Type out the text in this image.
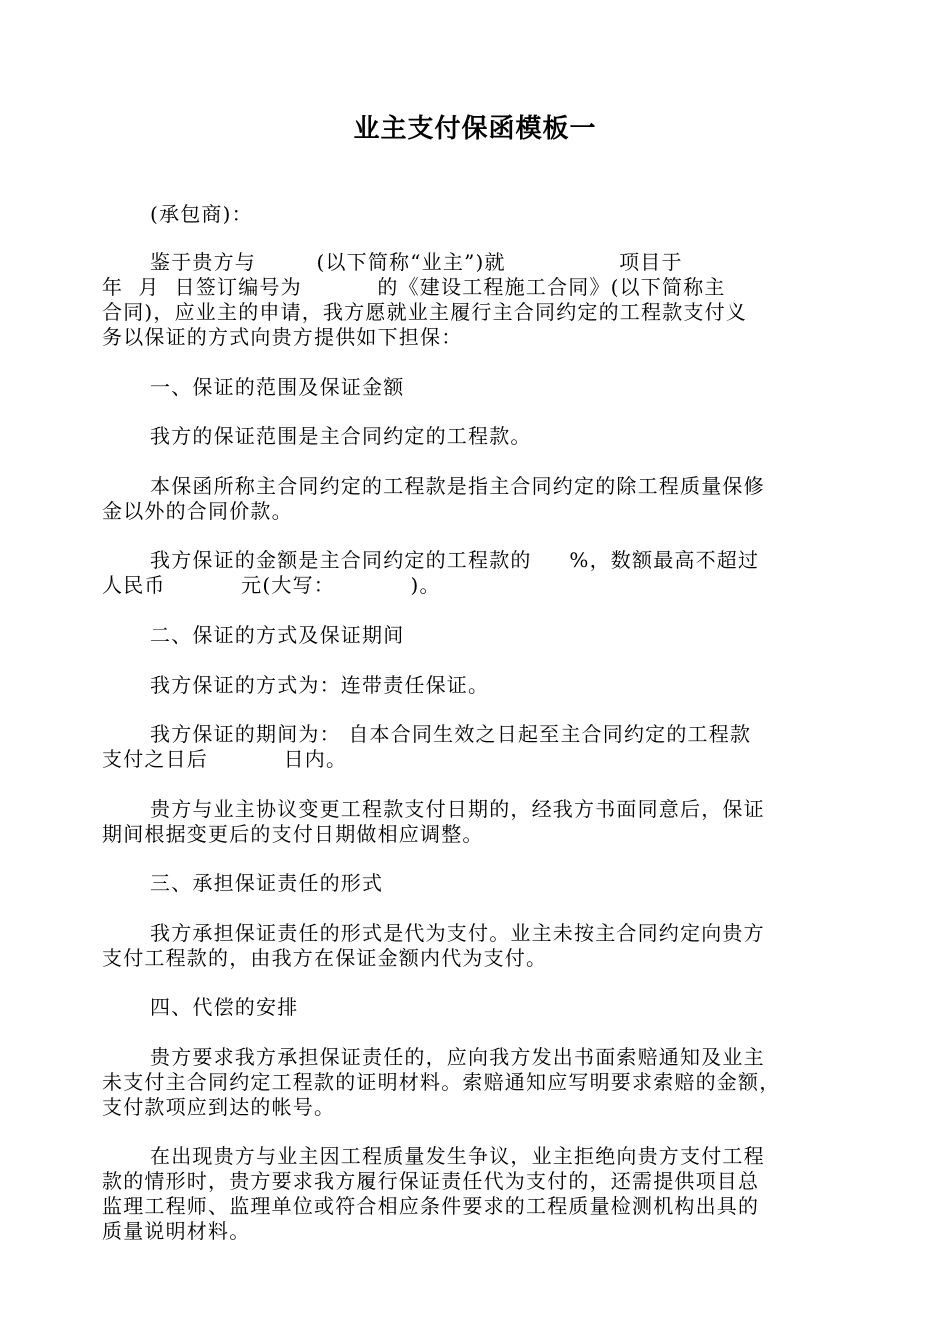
业主支付保函模板一
(承包商)：
鉴于贵方与        (以下简称“业主”)就               项目于
年  月  日签订编号为          的《建设工程施工合同》(以下简称主
合同)，应业主的申请，我方愿就业主履行主合同约定的工程款支付义
务以保证的方式向贵方提供如下担保：
一、保证的范围及保证金额
我方的保证范围是主合同约定的工程款。
本保函所称主合同约定的工程款是指主合同约定的除工程质量保修
金以外的合同价款。
我方保证的金额是主合同约定的工程款的     %，数额最高不超过
人民币          元(大写：          )。
二、保证的方式及保证期间
我方保证的方式为：连带责任保证。
我方保证的期间为： 自本合同生效之日起至主合同约定的工程款
支付之日后          日内。
贵方与业主协议变更工程款支付日期的，经我方书面同意后，保证
期间根据变更后的支付日期做相应调整。
三、承担保证责任的形式
我方承担保证责任的形式是代为支付。业主未按主合同约定向贵方
支付工程款的，由我方在保证金额内代为支付。
四、代偿的安排
贵方要求我方承担保证责任的，应向我方发出书面索赔通知及业主
未支付主合同约定工程款的证明材料。索赔通知应写明要求索赔的金额，
支付款项应到达的帐号。
在出现贵方与业主因工程质量发生争议，业主拒绝向贵方支付工程
款的情形时，贵方要求我方履行保证责任代为支付的，还需提供项目总
监理工程师、监理单位或符合相应条件要求的工程质量检测机构出具的
质量说明材料。
